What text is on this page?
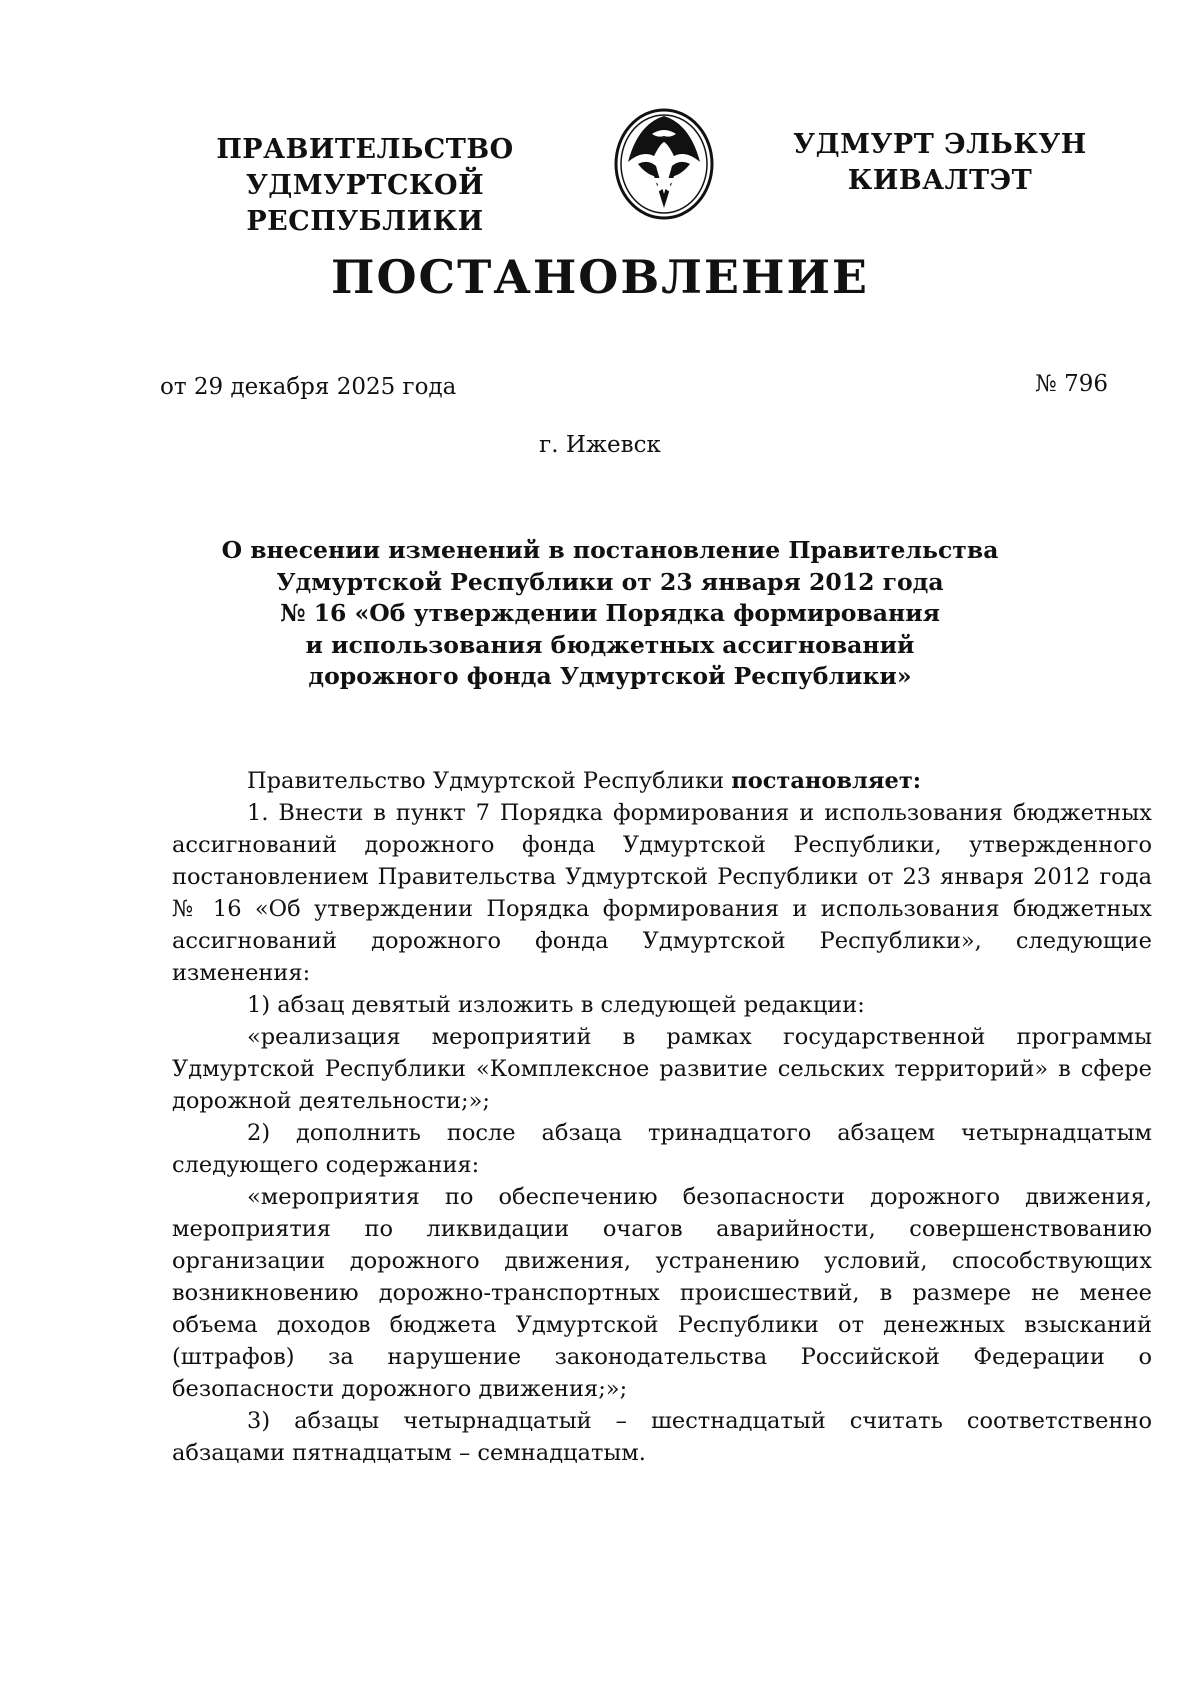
ПРАВИТЕЛЬСТВО
УДМУРТСКОЙ РЕСПУБЛИКИ
УДМУРТ ЭЛЬКУН
КИВАЛТЭТ
ПОСТАНОВЛЕНИЕ
от 29 декабря 2025 года	№ 796
г. Ижевск
О внесении изменений в постановление Правительства
Удмуртской Республики от 23 января 2012 года
№ 16 «Об утверждении Порядка формирования
и использования бюджетных ассигнований
дорожного фонда Удмуртской Республики»

Правительство Удмуртской Республики постановляет:

1. Внести в пункт 7 Порядка формирования и использования бюджетных ассигнований дорожного фонда Удмуртской Республики, утвержденного постановлением Правительства Удмуртской Республики от 23 января 2012 года № 16 «Об утверждении Порядка формирования и использования бюджетных ассигнований дорожного фонда Удмуртской Республики», следующие изменения:

1) абзац девятый изложить в следующей редакции:

«реализация мероприятий в рамках государственной программы Удмуртской Республики «Комплексное развитие сельских территорий» в сфере дорожной деятельности;»;

2) дополнить после абзаца тринадцатого абзацем четырнадцатым следующего содержания:

«мероприятия по обеспечению безопасности дорожного движения, мероприятия по ликвидации очагов аварийности, совершенствованию организации дорожного движения, устранению условий, способствующих возникновению дорожно-транспортных происшествий, в размере не менее объема доходов бюджета Удмуртской Республики от денежных взысканий (штрафов) за нарушение законодательства Российской Федерации о безопасности дорожного движения;»;

3) абзацы четырнадцатый – шестнадцатый считать соответственно абзацами пятнадцатым – семнадцатым.
